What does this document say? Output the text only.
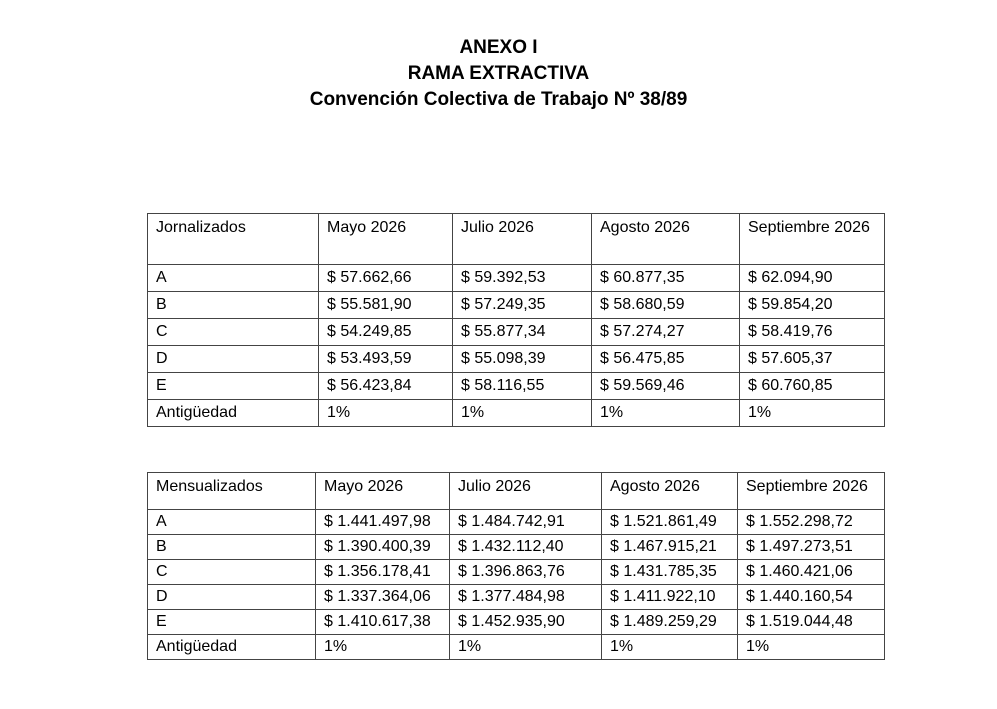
ANEXO I
RAMA EXTRACTIVA
Convención Colectiva de Trabajo Nº 38/89
Jornalizados	Mayo 2026	Julio 2026	Agosto 2026	Septiembre 2026
A	$ 57.662,66	$ 59.392,53	$ 60.877,35	$ 62.094,90
B	$ 55.581,90	$ 57.249,35	$ 58.680,59	$ 59.854,20
C	$ 54.249,85	$ 55.877,34	$ 57.274,27	$ 58.419,76
D	$ 53.493,59	$ 55.098,39	$ 56.475,85	$ 57.605,37
E	$ 56.423,84	$ 58.116,55	$ 59.569,46	$ 60.760,85
Antigüedad	1%	1%	1%	1%
Mensualizados	Mayo 2026	Julio 2026	Agosto 2026	Septiembre 2026
A	$ 1.441.497,98	$ 1.484.742,91	$ 1.521.861,49	$ 1.552.298,72
B	$ 1.390.400,39	$ 1.432.112,40	$ 1.467.915,21	$ 1.497.273,51
C	$ 1.356.178,41	$ 1.396.863,76	$ 1.431.785,35	$ 1.460.421,06
D	$ 1.337.364,06	$ 1.377.484,98	$ 1.411.922,10	$ 1.440.160,54
E	$ 1.410.617,38	$ 1.452.935,90	$ 1.489.259,29	$ 1.519.044,48
Antigüedad	1%	1%	1%	1%
